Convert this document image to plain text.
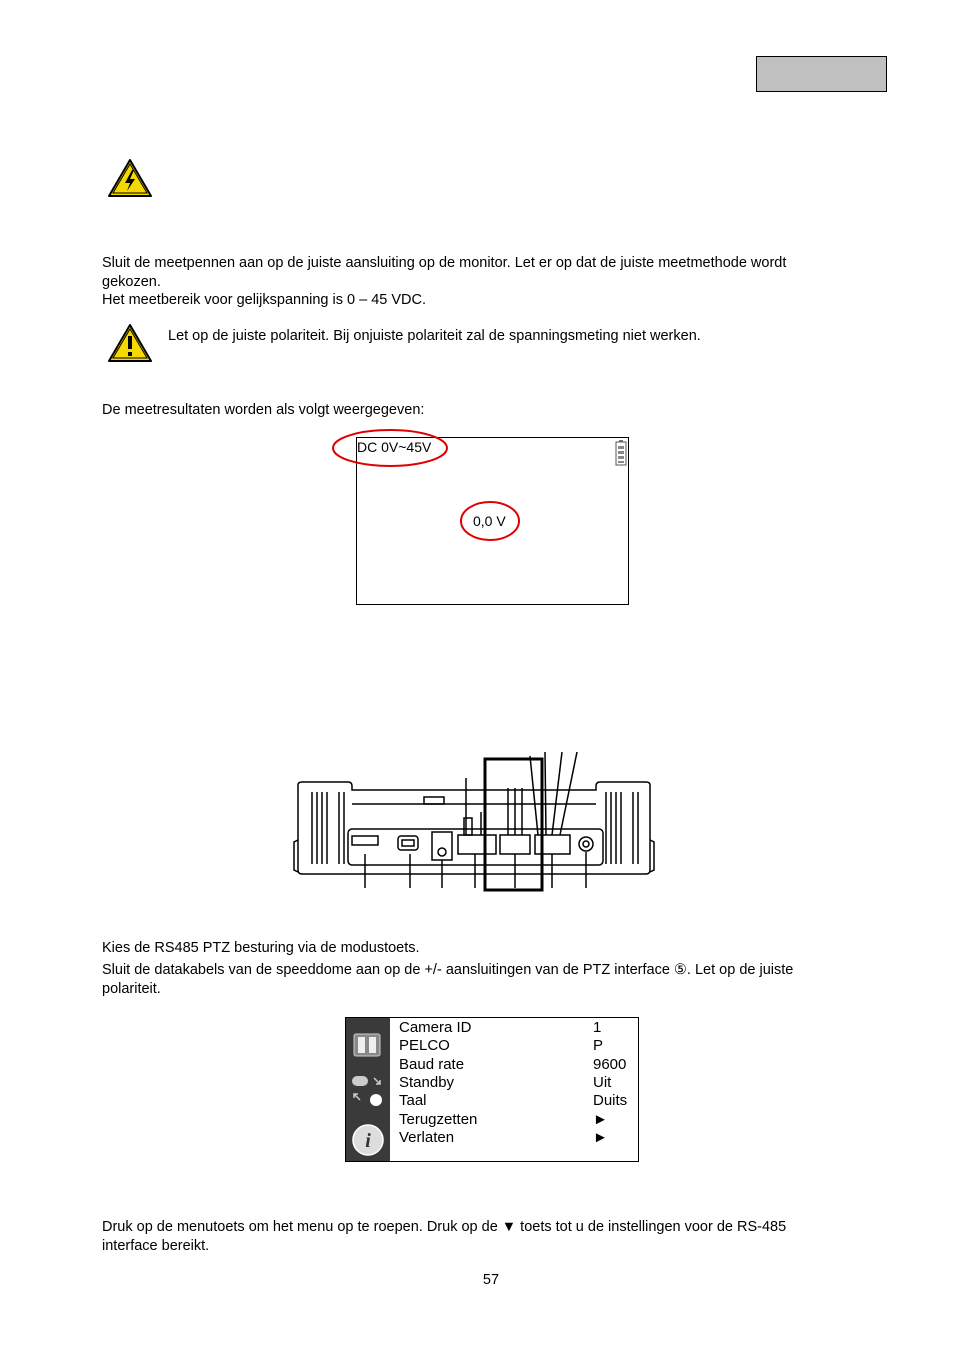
Sluit de meetpennen aan op de juiste aansluiting op de monitor. Let er op dat de juiste meetmethode wordt
gekozen.
Het meetbereik voor gelijkspanning is 0 – 45 VDC.

Let op de juiste polariteit. Bij onjuiste polariteit zal de spanningsmeting niet werken.
De meetresultaten worden als volgt weergegeven:
DC 0V~45V
0,0 V
Kies de RS485 PTZ besturing via de modustoets.

Sluit de datakabels van de speeddome aan op de +/- aansluitingen van de PTZ interface ⑤. Let op de juiste
polariteit.

i
Camera ID	1
PELCO	P
Baud rate	9600
Standby	Uit
Taal	Duits
Terugzetten	►
Verlaten	►

Druk op de menutoets om het menu op te roepen. Druk op de ▼ toets tot u de instellingen voor de RS-485
interface bereikt.

57
